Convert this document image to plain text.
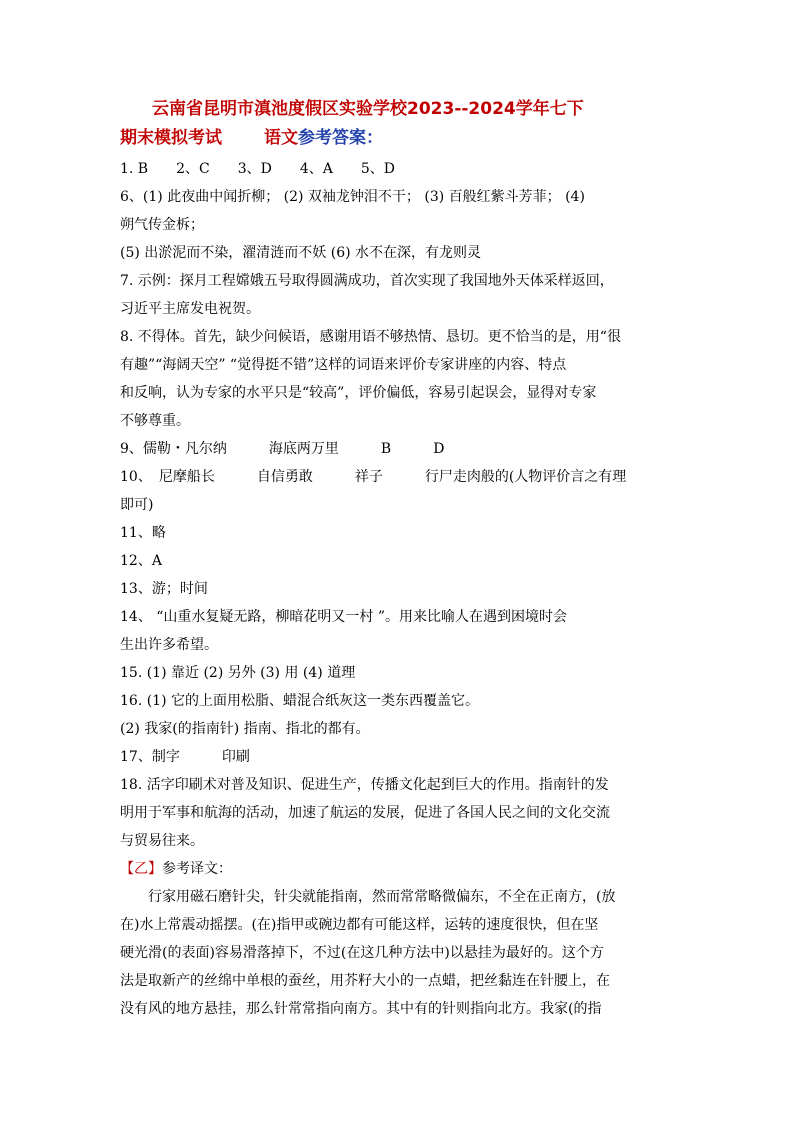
云南省昆明市滇池度假区实验学校2023--2024学年七下
期末模拟考试 语文参考答案：
1. B　　2、C　　3、D　　4、A　　5、D
6、(1) 此夜曲中闻折柳； (2) 双袖龙钟泪不干； (3) 百般红紫斗芳菲； (4)
朔气传金柝；
(5) 出淤泥而不染，濯清涟而不妖 (6) 水不在深，有龙则灵
7. 示例：探月工程嫦娥五号取得圆满成功，首次实现了我国地外天体采样返回，
习近平主席发电祝贺。
8. 不得体。首先，缺少问候语，感谢用语不够热情、恳切。更不恰当的是，用“很
有趣”“海阔天空” “觉得挺不错”这样的词语来评价专家讲座的内容、特点
和反响，认为专家的水平只是“较高”，评价偏低，容易引起误会，显得对专家
不够尊重。
9、儒勒・凡尔纳　　　海底两万里　　　B　　　D
10、　尼摩船长　　　自信勇敢　　　祥子　　　行尸走肉般的(人物评价言之有理
即可)
11、略
12、A
13、游；时间
14、 “山重水复疑无路，柳暗花明又一村 ”。用来比喻人在遇到困境时会
生出许多希望。
15. (1) 靠近 (2) 另外 (3) 用 (4) 道理
16. (1) 它的上面用松脂、蜡混合纸灰这一类东西覆盖它。
(2) 我家(的指南针) 指南、指北的都有。
17、制字　　　印刷
18. 活字印刷术对普及知识、促进生产，传播文化起到巨大的作用。指南针的发
明用于军事和航海的活动，加速了航运的发展，促进了各国人民之间的文化交流
与贸易往来。
【乙】参考译文：
行家用磁石磨针尖，针尖就能指南，然而常常略微偏东，不全在正南方，(放
在)水上常震动摇摆。(在)指甲或碗边都有可能这样，运转的速度很快，但在坚
硬光滑(的表面)容易滑落掉下，不过(在这几种方法中)以悬挂为最好的。这个方
法是取新产的丝绵中单根的蚕丝，用芥籽大小的一点蜡，把丝黏连在针腰上，在
没有风的地方悬挂，那么针常常指向南方。其中有的针则指向北方。我家(的指
